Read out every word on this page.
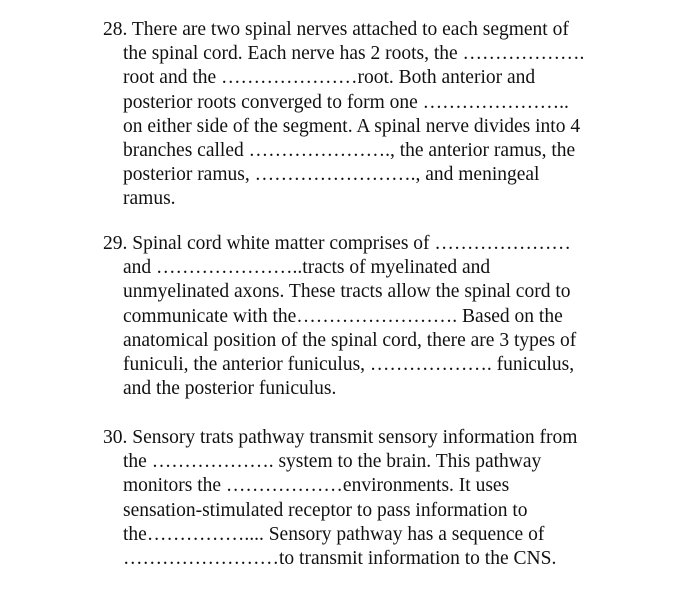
28. There are two spinal nerves attached to each segment of
the spinal cord. Each nerve has 2 roots, the ……………….
root and the …………………root. Both anterior and
posterior roots converged to form one …………………..
on either side of the segment. A spinal nerve divides into 4
branches called …………………., the anterior ramus, the
posterior ramus, ……………………., and meningeal
ramus.
29. Spinal cord white matter comprises of …………………
and …………………..tracts of myelinated and
unmyelinated axons. These tracts allow the spinal cord to
communicate with the……………………. Based on the
anatomical position of the spinal cord, there are 3 types of
funiculi, the anterior funiculus, ………………. funiculus,
and the posterior funiculus.
30. Sensory trats pathway transmit sensory information from
the ………………. system to the brain. This pathway
monitors the ………………environments. It uses
sensation-stimulated receptor to pass information to
the…………….... Sensory pathway has a sequence of
……………………to transmit information to the CNS.
